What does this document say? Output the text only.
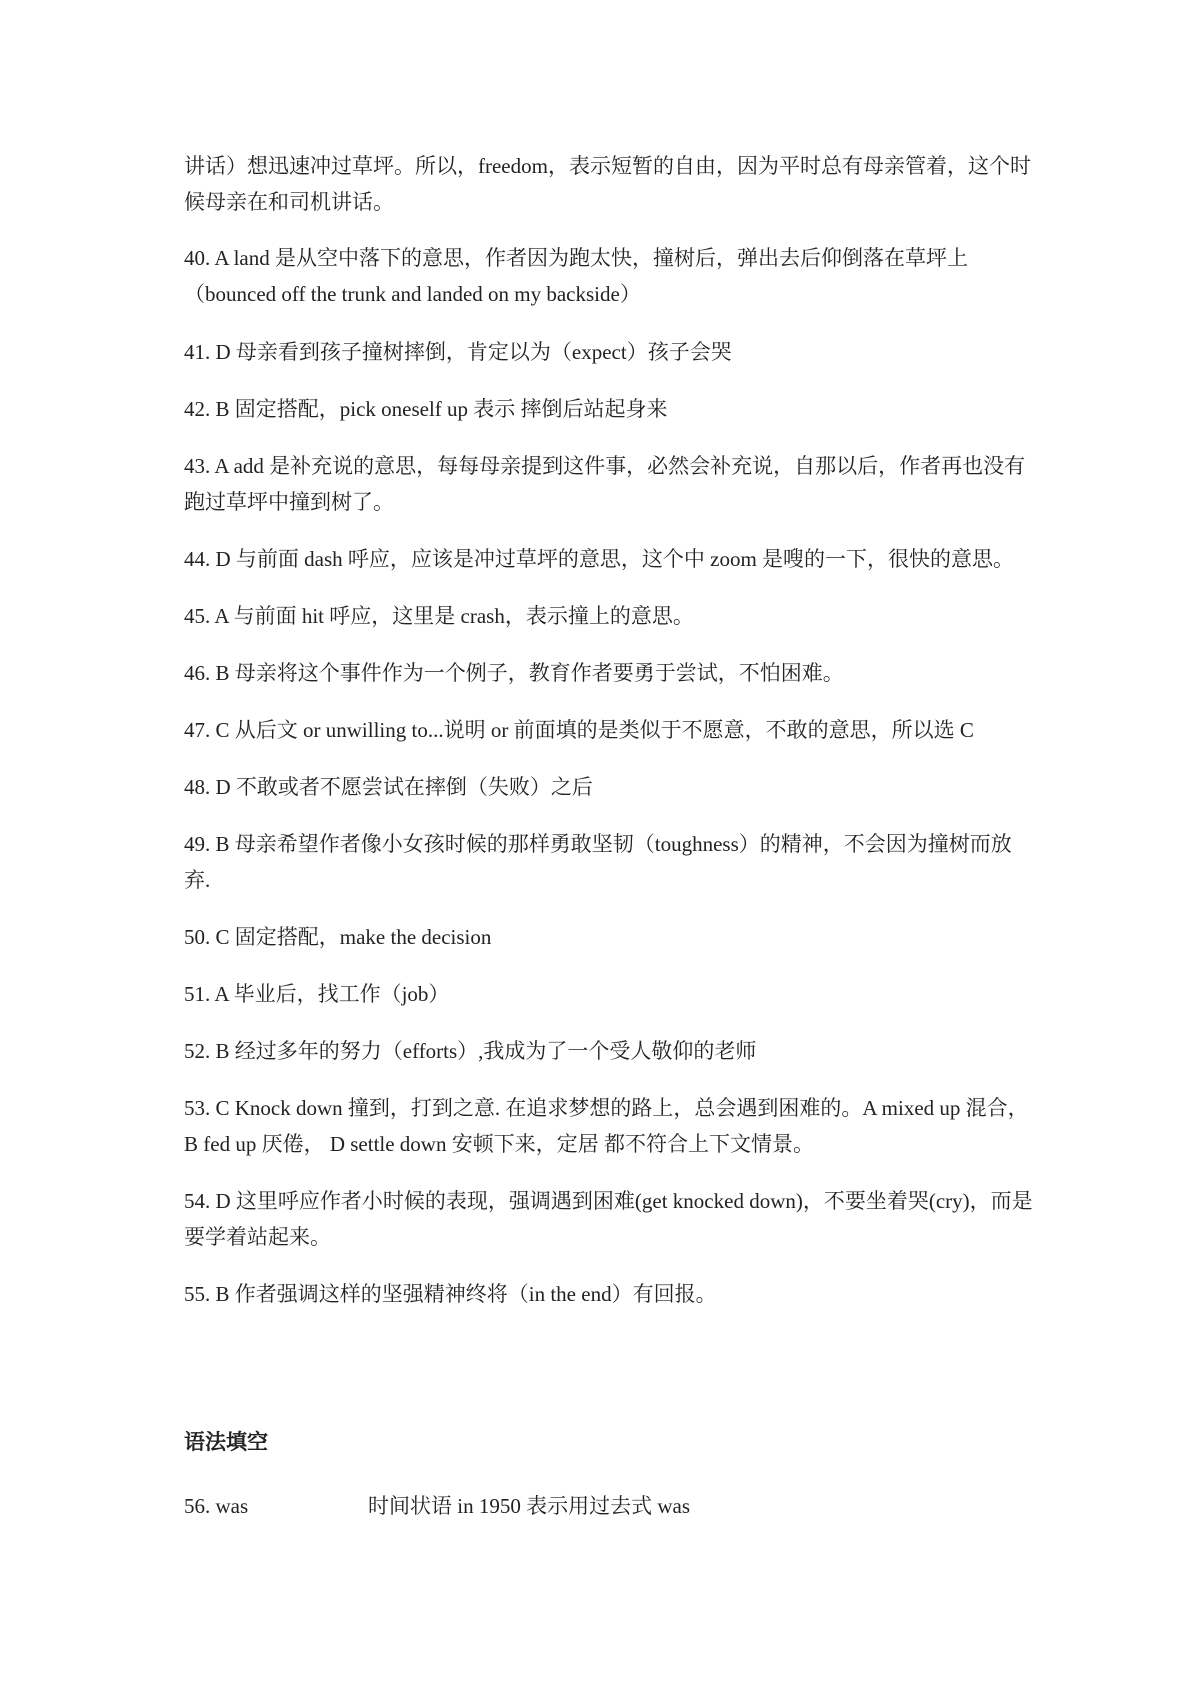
讲话）想迅速冲过草坪。所以，freedom，表示短暂的自由，因为平时总有母亲管着，这个时候母亲在和司机讲话。

40. A land 是从空中落下的意思，作者因为跑太快，撞树后，弹出去后仰倒落在草坪上（bounced off the trunk and landed on my backside）

41. D 母亲看到孩子撞树摔倒，肯定以为（expect）孩子会哭

42. B 固定搭配，pick oneself up 表示 摔倒后站起身来

43. A add 是补充说的意思，每每母亲提到这件事，必然会补充说，自那以后，作者再也没有跑过草坪中撞到树了。

44. D 与前面 dash 呼应，应该是冲过草坪的意思，这个中 zoom 是嗖的一下，很快的意思。

45. A 与前面 hit 呼应，这里是 crash，表示撞上的意思。

46. B 母亲将这个事件作为一个例子，教育作者要勇于尝试，不怕困难。

47. C 从后文 or unwilling to...说明 or 前面填的是类似于不愿意，不敢的意思，所以选 C

48. D 不敢或者不愿尝试在摔倒（失败）之后

49. B 母亲希望作者像小女孩时候的那样勇敢坚韧（toughness）的精神，不会因为撞树而放弃.

50. C 固定搭配，make the decision

51. A 毕业后，找工作（job）

52. B 经过多年的努力（efforts）,我成为了一个受人敬仰的老师

53. C Knock down 撞到，打到之意. 在追求梦想的路上，总会遇到困难的。A mixed up 混合，B fed up 厌倦， D settle down 安顿下来，定居 都不符合上下文情景。

54. D 这里呼应作者小时候的表现，强调遇到困难(get knocked down)，不要坐着哭(cry)，而是要学着站起来。

55. B 作者强调这样的坚强精神终将（in the end）有回报。

语法填空
56. was	时间状语 in 1950 表示用过去式 was
